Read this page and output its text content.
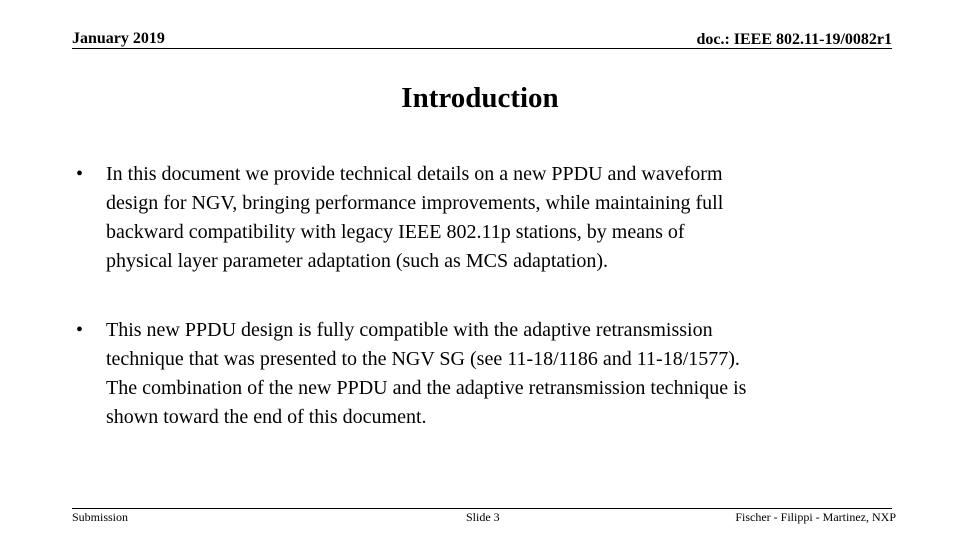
January 2019	doc.: IEEE 802.11-19/0082r1
Introduction
• In this document we provide technical details on a new PPDU and waveform
design for NGV, bringing performance improvements, while maintaining full
backward compatibility with legacy IEEE 802.11p stations, by means of
physical layer parameter adaptation (such as MCS adaptation).
• This new PPDU design is fully compatible with the adaptive retransmission
technique that was presented to the NGV SG (see 11-18/1186 and 11-18/1577).
The combination of the new PPDU and the adaptive retransmission technique is
shown toward the end of this document.
Submission	Slide 3	Fischer - Filippi - Martinez, NXP
